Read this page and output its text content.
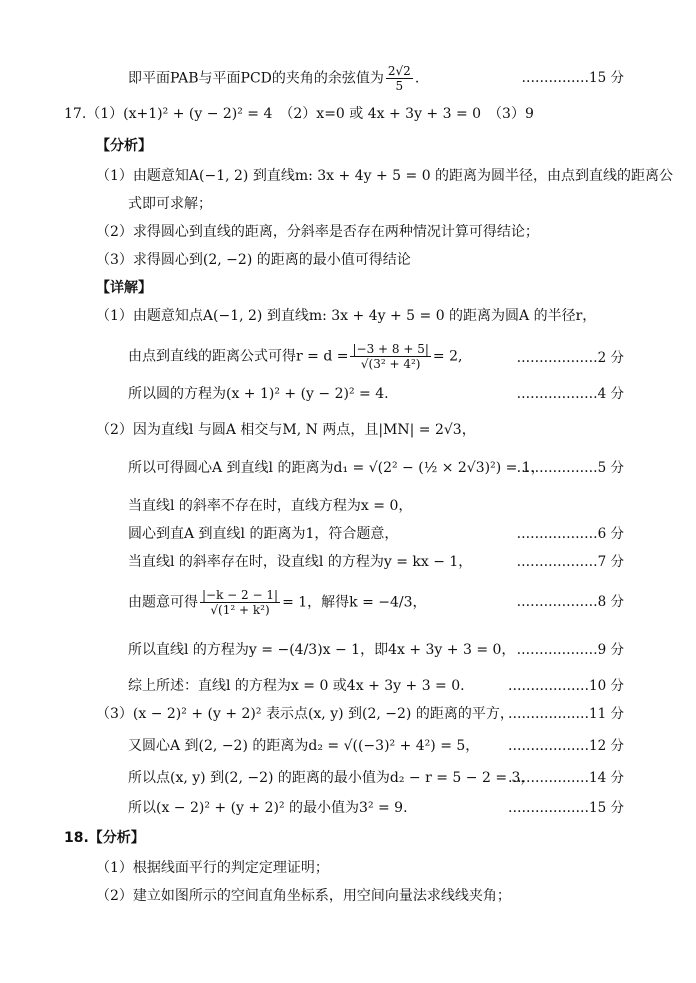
即平面PAB与平面PCD的夹角的余弦值为 $\frac{2√2}{5}$ .	……………15 分
17.（1）(x+1)² + (y − 2)² = 4　（2）x=0 或 4x + 3y + 3 = 0　（3）9
【分析】
（1）由题意知A(−1, 2) 到直线m: 3x + 4y + 5 = 0 的距离为圆半径，由点到直线的距离公
式即可求解；
（2）求得圆心到直线的距离，分斜率是否存在两种情况计算可得结论；
（3）求得圆心到(2, −2) 的距离的最小值可得结论
【详解】
（1）由题意知点A(−1, 2) 到直线m: 3x + 4y + 5 = 0 的距离为圆A 的半径r，
由点到直线的距离公式可得$r = d = \frac{|-3 + 8 + 5|}{\text{√(3² + 4²)}} = 2$,	………………2 分
所以圆的方程为(x + 1)² + (y − 2)² = 4.	………………4 分
（2）因为直线l 与圆A 相交与M, N 两点，且|MN| = 2√3，
所以可得圆心A 到直线l 的距离为d₁ = √(2² − (½ × 2√3)²) = 1，
………………5 分
当直线l 的斜率不存在时，直线方程为x = 0，
圆心到直A 到直线l 的距离为1，符合题意，	………………6 分
当直线l 的斜率存在时，设直线l 的方程为y = kx − 1，	………………7 分
由题意可得 $\frac{|-k - 2 - 1|}{\text{√(1² + k²)}} = 1$，解得k = −4/3，	………………8 分
所以直线l 的方程为y = −(4/3)x − 1，即4x + 3y + 3 = 0， ………………9 分
综上所述：直线l 的方程为x = 0 或4x + 3y + 3 = 0.	………………10 分
（3）(x − 2)² + (y + 2)² 表示点(x, y) 到(2, −2) 的距离的平方，
………………11 分
又圆心A 到(2, −2) 的距离为d₂ = √((−3)² + 4²) = 5， ………………12 分
所以点(x, y) 到(2, −2) 的距离的最小值为d₂ − r = 5 − 2 = 3，
………………14 分
所以(x − 2)² + (y + 2)² 的最小值为3² = 9.	………………15 分
18.【分析】
（1）根据线面平行的判定定理证明；
（2）建立如图所示的空间直角坐标系，用空间向量法求线线夹角；
